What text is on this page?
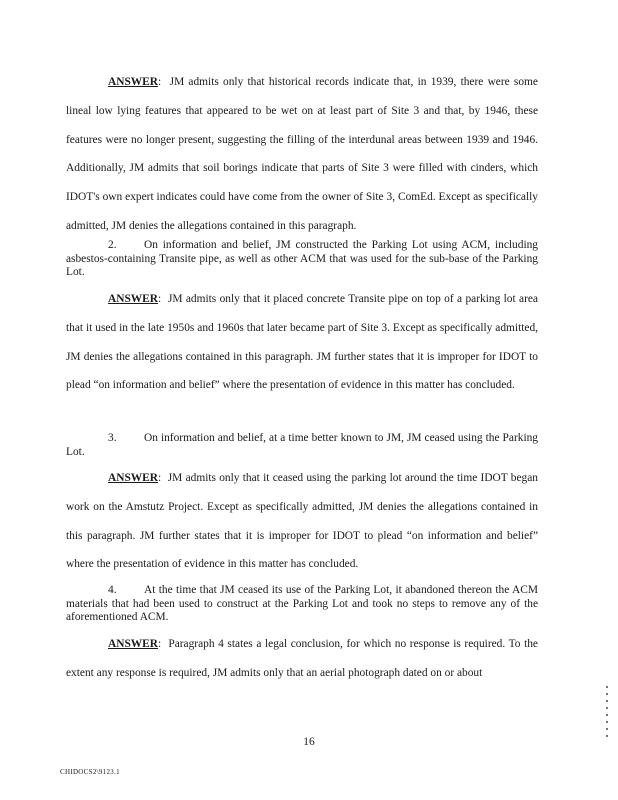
ANSWER:  JM admits only that historical records indicate that, in 1939, there were some lineal low lying features that appeared to be wet on at least part of Site 3 and that, by 1946, these features were no longer present, suggesting the filling of the interdunal areas between 1939 and 1946. Additionally, JM admits that soil borings indicate that parts of Site 3 were filled with cinders, which IDOT's own expert indicates could have come from the owner of Site 3, ComEd. Except as specifically admitted, JM denies the allegations contained in this paragraph.

2. On information and belief, JM constructed the Parking Lot using ACM, including asbestos-containing Transite pipe, as well as other ACM that was used for the sub-base of the Parking Lot.

ANSWER:  JM admits only that it placed concrete Transite pipe on top of a parking lot area that it used in the late 1950s and 1960s that later became part of Site 3. Except as specifically admitted, JM denies the allegations contained in this paragraph. JM further states that it is improper for IDOT to plead “on information and belief” where the presentation of evidence in this matter has concluded.

3. On information and belief, at a time better known to JM, JM ceased using the Parking Lot.

ANSWER:  JM admits only that it ceased using the parking lot around the time IDOT began work on the Amstutz Project. Except as specifically admitted, JM denies the allegations contained in this paragraph. JM further states that it is improper for IDOT to plead “on information and belief” where the presentation of evidence in this matter has concluded.

4. At the time that JM ceased its use of the Parking Lot, it abandoned thereon the ACM materials that had been used to construct at the Parking Lot and took no steps to remove any of the aforementioned ACM.

ANSWER:  Paragraph 4 states a legal conclusion, for which no response is required. To the extent any response is required, JM admits only that an aerial photograph dated on or about

16
CHIDOCS2\9123.1
